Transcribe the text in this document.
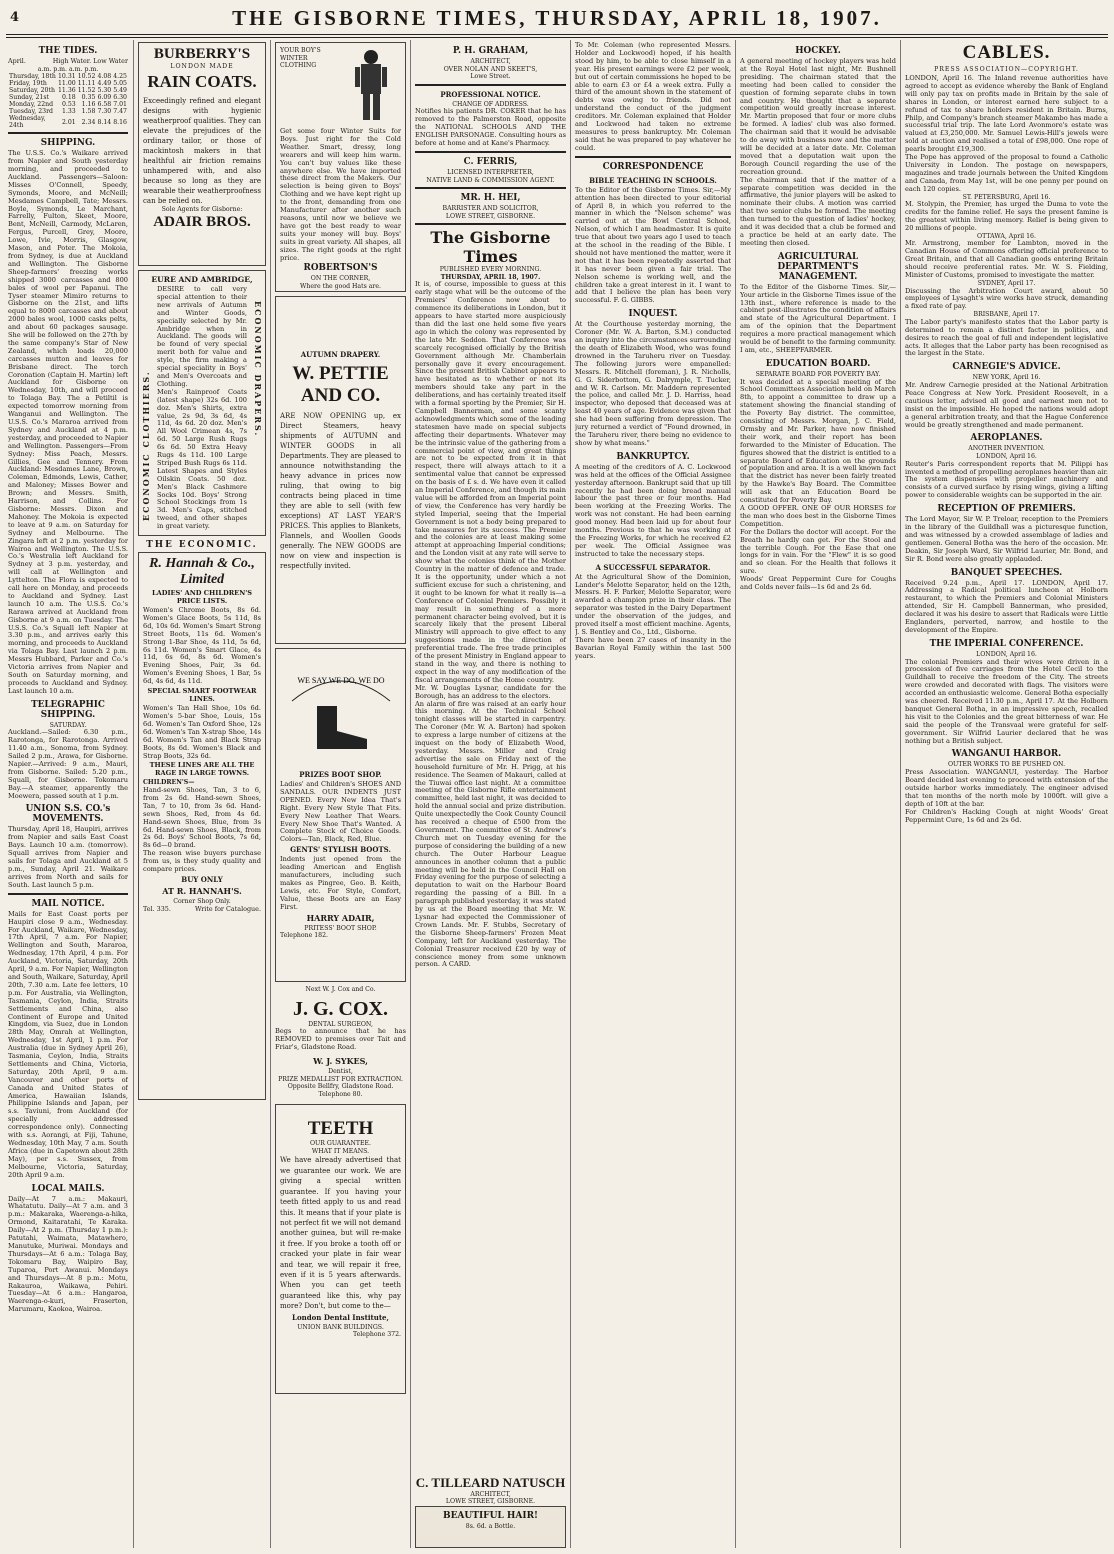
4	THE GISBORNE TIMES, THURSDAY, APRIL 18, 1907.
THE TIDES.
April.	High Water. Low Water
a.m. p.m. a.m. p.m.
Thursday, 18th	10.31	10.52	4.08	4.25
Friday, 19th	11.00	11.11	4.49	5.05
Saturday, 20th	11.36	11.52	5.30	5.49
Sunday, 21st	0.18	0.35	6.09	6.30
Monday, 22nd	0.53	1.16	6.58	7.01
Tuesday, 23rd	1.33	1.58	7.30	7.47
Wednesday, 24th	2.01	2.34	8.14	8.16
SHIPPING.

The U.S.S. Co.'s Waikare arrived from Napier and South yesterday morning, and proceeded to Auckland. Passengers—Saloon: Misses O'Connell, Speedy, Symonds, Moore, and McNeill; Mesdames Campbell, Tate; Messrs. Boyle, Symonds, Le Marchant, Farrelly, Fulton, Skeet, Moore, Bent, McNeill, Carmody, McLaren, Fergus, Purcell, Grey, Moore, Lowe, Ivie, Morris, Glasgow, Mason, and Poter. The Mokoia, from Sydney, is due at Auckland and Wellington. The Gisborne Sheep-farmers' freezing works shipped 3000 carcasses and 800 bales of wool per Papanui. The Tyser steamer Mimiro returns to Gisborne on the 21st, and lifts equal to 8000 carcasses and about 2000 bales wool, 1000 casks pelts, and about 60 packages sausage. She will be followed on the 27th by the same company's Star of New Zealand, which loads 20,000 carcasses mutton and leaves for Brisbane direct. The torch Coronation (Captain H. Martin) left Auckland for Gisborne on Wednesday, 10th, and will proceed to Tolaga Bay. The a Petiltil is expected tomorrow morning from Wanganui and Wellington. The U.S.S. Co.'s Mararoa arrived from Sydney and Auckland at 4 p.m. yesterday, and proceeded to Napier and Wellington. Passengers—From Sydney: Miss Peach, Messrs. Gillies, Gee and Tennery. From Auckland: Mesdames Lane, Brown, Coleman, Edmonds, Lewis, Cather, and Maloney; Misses Bower and Brown; and Messrs. Smith, Harrison, and Collins. For Gisborne: Messrs. Dixon and Mahoney. The Mokoia is expected to leave at 9 a.m. on Saturday for Sydney and Melbourne. The Zingara left at 2 p.m. yesterday for Wairoa and Wellington. The U.S.S. Co.'s Westralia left Auckland for Sydney at 3 p.m. yesterday, and will call at Wellington and Lyttelton. The Flora is expected to call here on Monday, and proceeds to Auckland and Sydney. Last launch 10 a.m. The U.S.S. Co.'s Rarawa arrived at Auckland from Gisborne at 9 a.m. on Tuesday. The U.S.S. Co.'s Squall left Napier at 3.30 p.m., and arrives early this morning, and proceeds to Auckland via Tolaga Bay. Last launch 2 p.m. Messrs Hubbard, Parker and Co.'s Victoria arrives from Napier and South on Saturday morning, and proceeds to Auckland and Sydney. Last launch 10 a.m.

TELEGRAPHIC SHIPPING.
SATURDAY.

Auckland.—Sailed: 6.30 p.m., Rarotonga, for Rarotonga. Arrived 11.40 a.m., Sonoma, from Sydney. Sailed 2 p.m., Arawa, for Gisborne. Napier.—Arrived: 9 a.m., Mauri, from Gisborne. Sailed: 5.20 p.m., Squall, for Gisborne. Tokomaru Bay.—A steamer, apparently the Moewera, passed south at 1 p.m.

UNION S.S. CO.'s MOVEMENTS.

Thursday, April 18, Haupiri, arrives from Napier and sails East Coast Bays. Launch 10 a.m. (tomorrow). Squall arrives from Napier and sails for Tolaga and Auckland at 5 p.m., Sunday, April 21. Waikare arrives from North and sails for South. Last launch 5 p.m.

MAIL NOTICE.

Mails for East Coast ports per Haupiri close 9 a.m., Wednesday. For Auckland, Waikare, Wednesday, 17th April, 7 a.m. For Napier, Wellington and South, Mararoa, Wednesday, 17th April, 4 p.m. For Auckland, Victoria, Saturday, 20th April, 9 a.m. For Napier, Wellington and South, Waikare, Saturday, April 20th, 7.30 a.m. Late fee letters, 10 p.m. For Australia, via Wellington, Tasmania, Ceylon, India, Straits Settlements and China, also Continent of Europe and United Kingdom, via Suez, due in London 28th May, Omrah at Wellington, Wednesday, 1st April, 1 p.m. For Australia (due in Sydney April 26), Tasmania, Ceylon, India, Straits Settlements and China, Victoria, Saturday, 20th April, 9 a.m. Vancouver and other ports of Canada and United States of America, Hawaiian Islands, Philippine Islands and Japan, per s.s. Taviuni, from Auckland (for specially addressed correspondence only). Connecting with s.s. Aorangi, at Fiji, Tahune, Wednesday, 10th May, 7 a.m. South Africa (due in Capetown about 28th May), per s.s. Sussex, from Melbourne, Victoria, Saturday, 20th April 9 a.m.

LOCAL MAILS.

Daily—At 7 a.m.: Makauri, Whatatutu. Daily—At 7 a.m. and 3 p.m.: Makaraka, Waerenga-a-hika, Ormond, Kaitaratahi, Te Karaka. Daily—At 2 p.m. (Thursday 1 p.m.): Patutahi, Waimata, Matawhero, Manutuke, Muriwai. Mondays and Thursdays—At 6 a.m.: Tolaga Bay, Tokomaru Bay, Waipiro Bay, Tuparoa, Port Awanui. Mondays and Thursdays—At 8 p.m.: Motu, Rakauroa, Waikawa, Pehiri. Tuesday—At 6 a.m.: Hangaroa, Waerenga-o-kuri, Fraserton, Marumaru, Kaokoa, Wairoa.

BURBERRY'S
LONDON MADE
RAIN COATS.

Exceedingly refined and elegant designs with hygienic weatherproof qualities. They can elevate the prejudices of the ordinary tailor, or those of mackintosh makers in that healthful air friction remains unhampered with, and also because so long as they are wearable their weatherproofness can be relied on.

Sole Agents for Gisborne:
ADAIR BROS.
EURE AND AMBRIDGE,
ECONOMIC CLOTHIERS.
ECONOMIC DRAPERS.

DESIRE to call very special attention to their new arrivals of Autumn and Winter Goods, specially selected by Mr. Ambridge when in Auckland. The goods will be found of very special merit both for value and style, the firm making a special speciality in Boys' and Men's Overcoats and Clothing.

Men's Rainproof Coats (latest shape) 32s 6d. 100 doz. Men's Shirts, extra value, 2s 9d, 3s 6d, 4s 11d, 4s 6d. 20 doz. Men's All Wool Crimean 4s, 7s 6d. 50 Large Rush Rugs 6s 6d. 50 Extra Heavy Rugs 4s 11d. 100 Large Striped Bush Rugs 6s 11d. Latest Shapes and Styles Oilskin Coats. 50 doz. Men's Black Cashmere Socks 10d. Boys' Strong School Stockings from 1s 3d. Men's Caps, stitched tweed, and other shapes in great variety.

THE ECONOMIC.
R. Hannah & Co., Limited
LADIES' AND CHILDREN'S PRICE LISTS.

Women's Chrome Boots, 8s 6d. Women's Glace Boots, 5s 11d, 8s 6d, 10s 6d. Women's Smart Strong Street Boots, 11s 6d. Women's Strong 1-Bar Shoe, 4s 11d, 5s 6d, 6s 11d. Women's Smart Glace, 4s 11d, 6s 6d, 8s 6d. Women's Evening Shoes, Pair, 3s 6d. Women's Evening Shoes, 1 Bar, 5s 6d, 4s 6d, 4s 11d.

SPECIAL SMART FOOTWEAR LINES.

Women's Tan Hall Shoe, 10s 6d. Women's 5-bar Shoe, Louis, 15s 6d. Women's Tan Oxford Shoe, 12s 6d. Women's Tan X-strap Shoe, 14s 6d. Women's Tan and Black Strap Boots, 8s 6d. Women's Black and Strap Boots, 32s 6d.

THESE LINES ARE ALL THE RAGE IN LARGE TOWNS.
CHILDREN'S—

Hand-sewn Shoes, Tan, 3 to 6, from 2s 6d. Hand-sewn Shoes, Tan, 7 to 10, from 3s 6d. Hand-sewn Shoes, Red, from 4s 6d. Hand-sewn Shoes, Blue, from 3s 6d. Hand-sewn Shoes, Black, from 2s 6d. Boys' School Boots, 7s 6d, 8s 6d—0 brand.

The reason wise buyers purchase from us, is they study quality and compare prices.

BUY ONLY
AT R. HANNAH'S.
Corner Shop Only.
Tel. 335.	Write for Catalogue.
YOUR BOY'S WINTER CLOTHING

Get some four Winter Suits for Boys. Just right for the Cold Weather. Smart, dressy, long wearers and will keep him warm. You can't buy values like these anywhere else. We have imported these direct from the Makers. Our selection is being given to Boys' Clothing and we have kept right up to the front, demanding from one Manufacturer after another such reasons, until now we believe we have got the best ready to wear suits your money will buy. Boys' suits in great variety. All shapes, all sizes. The right goods at the right price.

ROBERTSON'S
ON THE CORNER,
Where the good Hats are.
AUTUMN DRAPERY.
W. PETTIE AND CO.

ARE NOW OPENING up, ex Direct Steamers, heavy shipments of AUTUMN and WINTER GOODS in all Departments. They are pleased to announce notwithstanding the heavy advance in prices now ruling, that owing to big contracts being placed in time they are able to sell (with few exceptions) AT LAST YEAR'S PRICES. This applies to Blankets, Flannels, and Woollen Goods generally. The NEW GOODS are now on view and inspection is respectfully invited.

WE SAY WE DO, WE DO
PRIZES BOOT SHOP.

Ladies' and Children's SHOES AND SANDALS. OUR INDENTS JUST OPENED. Every New Idea That's Right. Every New Style That Fits. Every New Leather That Wears. Every New Shoe That's Wanted. A Complete Stock of Choice Goods. Colors—Tan, Black, Red, Blue.

GENTS' STYLISH BOOTS.

Indents just opened from the leading American and English manufacturers, including such makes as Pingree, Geo. B. Keith, Lewis, etc. For Style, Comfort, Value, these Boots are an Easy First.

HARRY ADAIR,
PRITESS' BOOT SHOP.
Telephone 182.
Next W. J. Cox and Co.
J. G. COX.
DENTAL SURGEON,

Begs to announce that he has REMOVED to premises over Tait and Friar's, Gladstone Road.

W. J. SYKES,
Dentist,
PRIZE MEDALLIST FOR EXTRACTION.
Opposite Bellfry, Gladstone Road. Telephone 80.
TEETH
OUR GUARANTEE.
WHAT IT MEANS.

We have already advertised that we guarantee our work. We are giving a special written guarantee. If you having your teeth fitted apply to us and read this. It means that if your plate is not perfect fit we will not demand another guinea, but will re-make it free. If you broke a tooth off or cracked your plate in fair wear and tear, we will repair it free, even if it is 5 years afterwards. When you can get teeth guaranteed like this, why pay more? Don't, but come to the—

London Dental Institute,
UNION BANK BUILDINGS.
Telephone 372.
P. H. GRAHAM,
ARCHITECT,
OVER NOLAN AND SKEET'S,
Lowe Street.
PROFESSIONAL NOTICE.
CHANGE OF ADDRESS.

Notifies his patients DR. COKER that he has removed to the Palmerston Road, opposite the NATIONAL SCHOOLS AND THE ENGLISH PARSONAGE. Consulting hours as before at home and at Kane's Pharmacy.

C. FERRIS,
LICENSED INTERPRETER,
NATIVE LAND & COMMISSION AGENT.
MR. H. HEI,
BARRISTER AND SOLICITOR,
LOWE STREET, GISBORNE.
The Gisborne Times
PUBLISHED EVERY MORNING.
THURSDAY, APRIL 18, 1907.

It is, of course, impossible to guess at this early stage what will be the outcome of the Premiers' Conference now about to commence its deliberations in London, but it appears to have started more auspiciously than did the last one held some five years ago in which the colony was represented by the late Mr. Seddon. That Conference was scarcely recognised officially by the British Government although Mr. Chamberlain personally gave it every encouragement. Since the present British Cabinet appears to have hesitated as to whether or not its members should take any part in the deliberations, and has certainly treated itself with a formal sporting by the Premier, Sir H. Campbell Bannerman, and some scanty acknowledgments which some of the leading statesmen have made on special subjects affecting their departments. Whatever may be the intrinsic value of the gathering from a commercial point of view, and great things are not to be expected from it in that respect, there will always attach to it a sentimental value that cannot be expressed on the basis of £ s. d. We have even it called an Imperial Conference, and though its main value will be afforded from an Imperial point of view, the Conference has very hardly be styled Imperial, seeing that the Imperial Government is not a body being prepared to take measures for its success. The Premier and the colonies are at least making some attempt at approaching Imperial conditions; and the London visit at any rate will serve to show what the colonies think of the Mother Country in the matter of defence and trade. It is the opportunity, under which a not sufficient excuse for such a christening, and it ought to be known for what it really is—a Conference of Colonial Premiers. Possibly it may result in something of a more permanent character being evolved, but it is scarcely likely that the present Liberal Ministry will approach to give effect to any suggestions made in the direction of preferential trade. The free trade principles of the present Ministry in England appear to stand in the way, and there is nothing to expect in the way of any modification of the fiscal arrangements of the Home country.

Mr. W. Douglas Lysnar, candidate for the Borough, has an address to the electors.

An alarm of fire was raised at an early hour this morning. At the Technical School tonight classes will be started in carpentry. The Coroner (Mr. W. A. Barton) had spoken to express a large number of citizens at the inquest on the body of Elizabeth Wood, yesterday. Messrs. Miller and Craig advertise the sale on Friday next of the household furniture of Mr. H. Prigg, at his residence. The Seamen of Makauri, called at the Tiuwai office last night. At a committee meeting of the Gisborne Rifle entertainment committee, held last night, it was decided to hold the annual social and prize distribution. Quite unexpectedly the Cook County Council has received a cheque of £500 from the Government. The committee of St. Andrew's Church met on Tuesday evening for the purpose of considering the building of a new church. The Outer Harbour League announces in another column that a public meeting will be held in the Council Hall on Friday evening for the purpose of selecting a deputation to wait on the Harbour Board regarding the passing of a Bill. In a paragraph published yesterday, it was stated by us at the Board meeting that Mr. W. Lysnar had expected the Commissioner of Crown Lands. Mr. F. Stubbs, Secretary of the Gisborne Sheep-farmers' Frozen Meat Company, left for Auckland yesterday. The Colonial Treasurer received £20 by way of conscience money from some unknown person. A CARD.

C. TILLEARD NATUSCH
ARCHITECT,
LOWE STREET, GISBORNE.
BEAUTIFUL HAIR!
8s. 6d. a Bottle.

To Mr. Coleman (who represented Messrs. Holder and Lockwood) hoped, if his health stood by him, to be able to close himself in a year. His present earnings were £2 per week, but out of certain commissions he hoped to be able to earn £3 or £4 a week extra. Fully a third of the amount shown in the statement of debts was owing to friends. Did not understand the conduct of the judgment creditors. Mr. Coleman explained that Holder and Lockwood had taken no extreme measures to press bankruptcy. Mr. Coleman said that he was prepared to pay whatever he could.

CORRESPONDENCE
BIBLE TEACHING IN SCHOOLS.

To the Editor of the Gisborne Times. Sir,—My attention has been directed to your editorial of April 8, in which you referred to the manner in which the "Nelson scheme" was carried out at the Bowl Central School, Nelson, of which I am headmaster. It is quite true that about two years ago I used to teach at the school in the reading of the Bible. I should not have mentioned the matter, were it not that it has been repeatedly asserted that it has never been given a fair trial. The Nelson scheme is working well, and the children take a great interest in it. I want to add that I believe the plan has been very successful. F. G. GIBBS.

INQUEST.

At the Courthouse yesterday morning, the Coroner (Mr. W. A. Barton, S.M.) conducted an inquiry into the circumstances surrounding the death of Elizabeth Wood, who was found drowned in the Taruheru river on Tuesday. The following jurors were empanelled: Messrs. R. Mitchell (foreman), J. R. Nicholls, G. G. Siderbottom, G. Dalrymple, T. Tucker, and W. R. Carlson. Mr. Maddern represented the police, and called Mr. J. D. Harriss, head inspector, who deposed that deceased was at least 40 years of age. Evidence was given that she had been suffering from depression. The jury returned a verdict of "Found drowned, in the Taruheru river, there being no evidence to show by what means."

BANKRUPTCY.

A meeting of the creditors of A. C. Lockwood was held at the offices of the Official Assignee yesterday afternoon. Bankrupt said that up till recently he had been doing bread manual labour the past three or four months. Had been working at the Freezing Works. The work was not constant. He had been earning good money. Had been laid up for about four months. Previous to that he was working at the Freezing Works, for which he received £2 per week. The Official Assignee was instructed to take the necessary steps.

A SUCCESSFUL SEPARATOR.

At the Agricultural Show of the Dominion, Lander's Melotte Separator, held on the 12th, Messrs. H. F. Parker, Melotte Separator, were awarded a champion prize in their class. The separator was tested in the Dairy Department under the observation of the judges, and proved itself a most efficient machine. Agents, J. S. Bentley and Co., Ltd., Gisborne.

There have been 27 cases of insanity in the Bavarian Royal Family within the last 500 years.

HOCKEY.

A general meeting of hockey players was held at the Royal Hotel last night, Mr. Bushnell presiding. The chairman stated that the meeting had been called to consider the question of forming separate clubs in town and country. He thought that a separate competition would greatly increase interest. Mr. Martin proposed that four or more clubs be formed. A ladies' club was also formed. The chairman said that it would be advisable to do away with business now and the matter will be decided at a later date. Mr. Coleman moved that a deputation wait upon the Borough Council regarding the use of the recreation ground.

The chairman said that if the matter of a separate competition was decided in the affirmative, the junior players will be asked to nominate their clubs. A motion was carried that two senior clubs be formed. The meeting then turned to the question of ladies' hockey, and it was decided that a club be formed and a practice be held at an early date. The meeting then closed.

AGRICULTURAL DEPARTMENT'S MANAGEMENT.

To the Editor of the Gisborne Times. Sir,—Your article in the Gisborne Times issue of the 13th inst., where reference is made to the cabinet post-illustrates the condition of affairs and state of the Agricultural Department. I am of the opinion that the Department requires a more practical management which would be of benefit to the farming community. I am, etc., SHEEPFARMER.

EDUCATION BOARD.
SEPARATE BOARD FOR POVERTY BAY.

It was decided at a special meeting of the School Committees Association held on March 8th, to appoint a committee to draw up a statement showing the financial standing of the Poverty Bay district. The committee, consisting of Messrs. Morgan, J. C. Field, Ormsby and Mr. Parker, have now finished their work, and their report has been forwarded to the Minister of Education. The figures showed that the district is entitled to a separate Board of Education on the grounds of population and area. It is a well known fact that the district has never been fairly treated by the Hawke's Bay Board. The Committee will ask that an Education Board be constituted for Poverty Bay.

A GOOD OFFER. ONE OF OUR HORSES for the man who does best in the Gisborne Times Competition.

For the Dollars the doctor will accept. For the Breath he hardly can get. For the Stool and the terrible Cough. For the Ease that one longs for in vain. For the "Flew" it is so good and so clean. For the Health that follows it sure.

Woods' Great Peppermint Cure for Coughs and Colds never fails—1s 6d and 2s 6d.

CABLES.
PRESS ASSOCIATION—COPYRIGHT.

LONDON, April 16. The Inland revenue authorities have agreed to accept as evidence whereby the Bank of England will only pay tax on profits made in Britain by the sale of shares in London, or interest earned here subject to a refund of tax to share holders resident in Britain. Burns, Philp, and Company's branch steamer Makambo has made a successful trial trip. The late Lord Avonmore's estate was valued at £3,250,000. Mr. Samuel Lewis-Hill's jewels were sold at auction and realised a total of £98,000. One rope of pearls brought £19,300.

The Pope has approved of the proposal to found a Catholic University in London. The postage on newspapers, magazines and trade journals between the United Kingdom and Canada, from May 1st, will be one penny per pound on each 120 copies.

ST. PETERSBURG, April 16.

M. Stolypin, the Premier, has urged the Duma to vote the credits for the famine relief. He says the present famine is the greatest within living memory. Relief is being given to 20 millions of people.

OTTAWA, April 16.

Mr. Armstrong, member for Lambton, moved in the Canadian House of Commons offering official preference to Great Britain, and that all Canadian goods entering Britain should receive preferential rates. Mr. W. S. Fielding, Minister of Customs, promised to investigate the matter.

SYDNEY, April 17.

Discussing the Arbitration Court award, about 50 employees of Lysaght's wire works have struck, demanding a fixed rate of pay.

BRISBANE, April 17.

The Labor party's manifesto states that the Labor party is determined to remain a distinct factor in politics, and desires to reach the goal of full and independent legislative acts. It alleges that the Labor party has been recognised as the largest in the State.

CARNEGIE'S ADVICE.
NEW YORK, April 16.

Mr. Andrew Carnegie presided at the National Arbitration Peace Congress at New York. President Roosevelt, in a cautious letter, advised all good and earnest men not to insist on the impossible. He hoped the nations would adopt a general arbitration treaty, and that the Hague Conference would be greatly strengthened and made permanent.

AEROPLANES.
ANOTHER INVENTION.
LONDON, April 16.

Reuter's Paris correspondent reports that M. Pilippi has invented a method of propelling aeroplanes heavier than air. The system dispenses with propeller machinery and consists of a curved surface by rising wings, giving a lifting power to considerable weights can be supported in the air.

RECEPTION OF PREMIERS.

The Lord Mayor, Sir W. P. Treloar, reception to the Premiers in the library of the Guildhall was a picturesque function, and was witnessed by a crowded assemblage of ladies and gentlemen. General Botha was the hero of the occasion. Mr. Deakin, Sir Joseph Ward, Sir Wilfrid Laurier, Mr. Bond, and Sir R. Bond were also greatly applauded.

BANQUET SPEECHES.

Received 9.24 p.m., April 17. LONDON, April 17. Addressing a Radical political luncheon at Holborn restaurant, to which the Premiers and Colonial Ministers attended, Sir H. Campbell Bannerman, who presided, declared it was his desire to assert that Radicals were Little Englanders, perverted, narrow, and hostile to the development of the Empire.

THE IMPERIAL CONFERENCE.
LONDON, April 16.

The colonial Premiers and their wives were driven in a procession of five carriages from the Hotel Cecil to the Guildhall to receive the freedom of the City. The streets were crowded and decorated with flags. The visitors were accorded an enthusiastic welcome. General Botha especially was cheered. Received 11.30 p.m., April 17. At the Holborn banquet General Botha, in an impressive speech, recalled his visit to the Colonies and the great bitterness of war. He said the people of the Transvaal were grateful for self-government. Sir Wilfrid Laurier declared that he was nothing but a British subject.

WANGANUI HARBOR.
OUTER WORKS TO BE PUSHED ON.

Press Association. WANGANUI, yesterday. The Harbor Board decided last evening to proceed with extension of the outside harbor works immediately. The engineer advised that ten months of the north mole by 1000ft. will give a depth of 10ft at the bar.

For Children's Hacking Cough at night Woods' Great Peppermint Cure, 1s 6d and 2s 6d.
